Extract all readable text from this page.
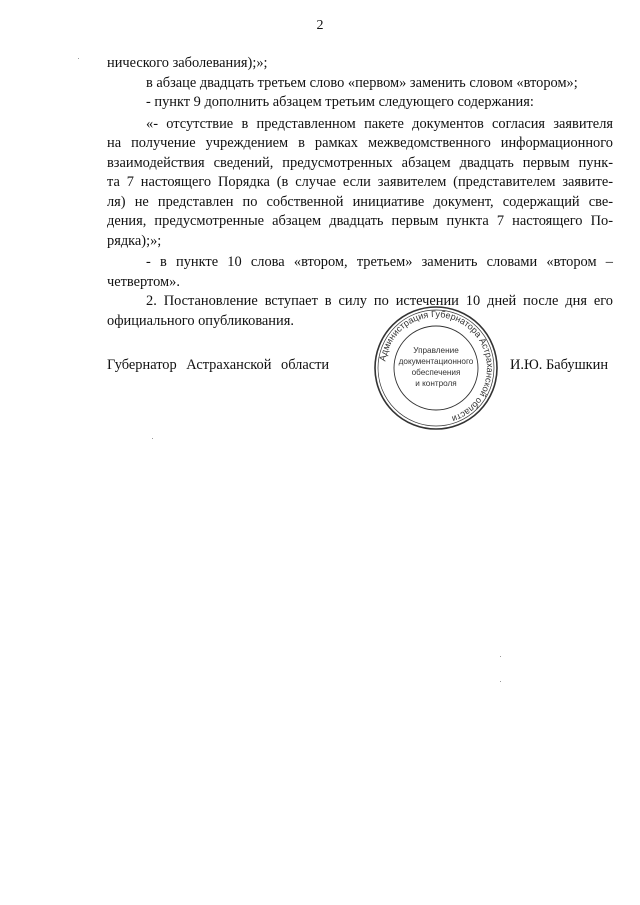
2
нического заболевания);»;
в абзаце двадцать третьем слово «первом» заменить словом «втором»;
- пункт 9 дополнить абзацем третьим следующего содержания:
«- отсутствие в представленном пакете документов согласия заявителя
на получение учреждением в рамках межведомственного информационного
взаимодействия сведений, предусмотренных абзацем двадцать первым пунк-
та 7 настоящего Порядка (в случае если заявителем (представителем заявите-
ля) не представлен по собственной инициативе документ, содержащий све-
дения, предусмотренные абзацем двадцать первым пункта 7 настоящего По-
рядка);»;
- в пункте 10 слова «втором, третьем» заменить словами «втором –
четвертом».
2. Постановление вступает в силу по истечении 10 дней после дня его
официального опубликования.
Губернатор Астраханской области	И.Ю. Бабушкин
Администрация Губернатора Астраханской области
Управление
документационного
обеспечения
и контроля
